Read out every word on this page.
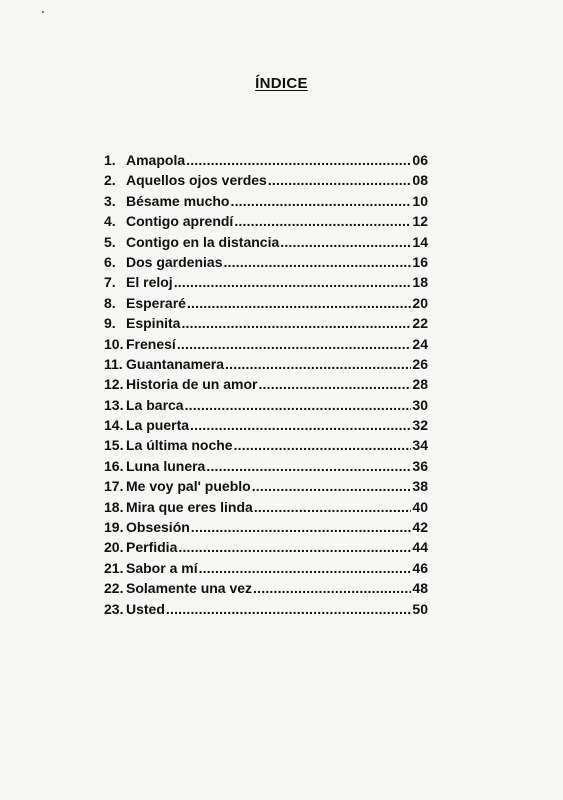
ÍNDICE
1. Amapola .....	06
2. Aquellos ojos verdes .....	08
3. Bésame mucho .....	10
4. Contigo aprendí .....	12
5. Contigo en la distancia .....	14
6. Dos gardenias .....	16
7. El reloj .....	18
8. Esperaré .....	20
9. Espinita .....	22
10. Frenesí .....	24
11. Guantanamera .....	26
12. Historia de un amor .....	28
13. La barca .....	30
14. La puerta .....	32
15. La última noche .....	34
16. Luna lunera .....	36
17. Me voy pal' pueblo .....	38
18. Mira que eres linda .....	40
19. Obsesión .....	42
20. Perfidia .....	44
21. Sabor a mí .....	46
22. Solamente una vez .....	48
23. Usted .....	50
